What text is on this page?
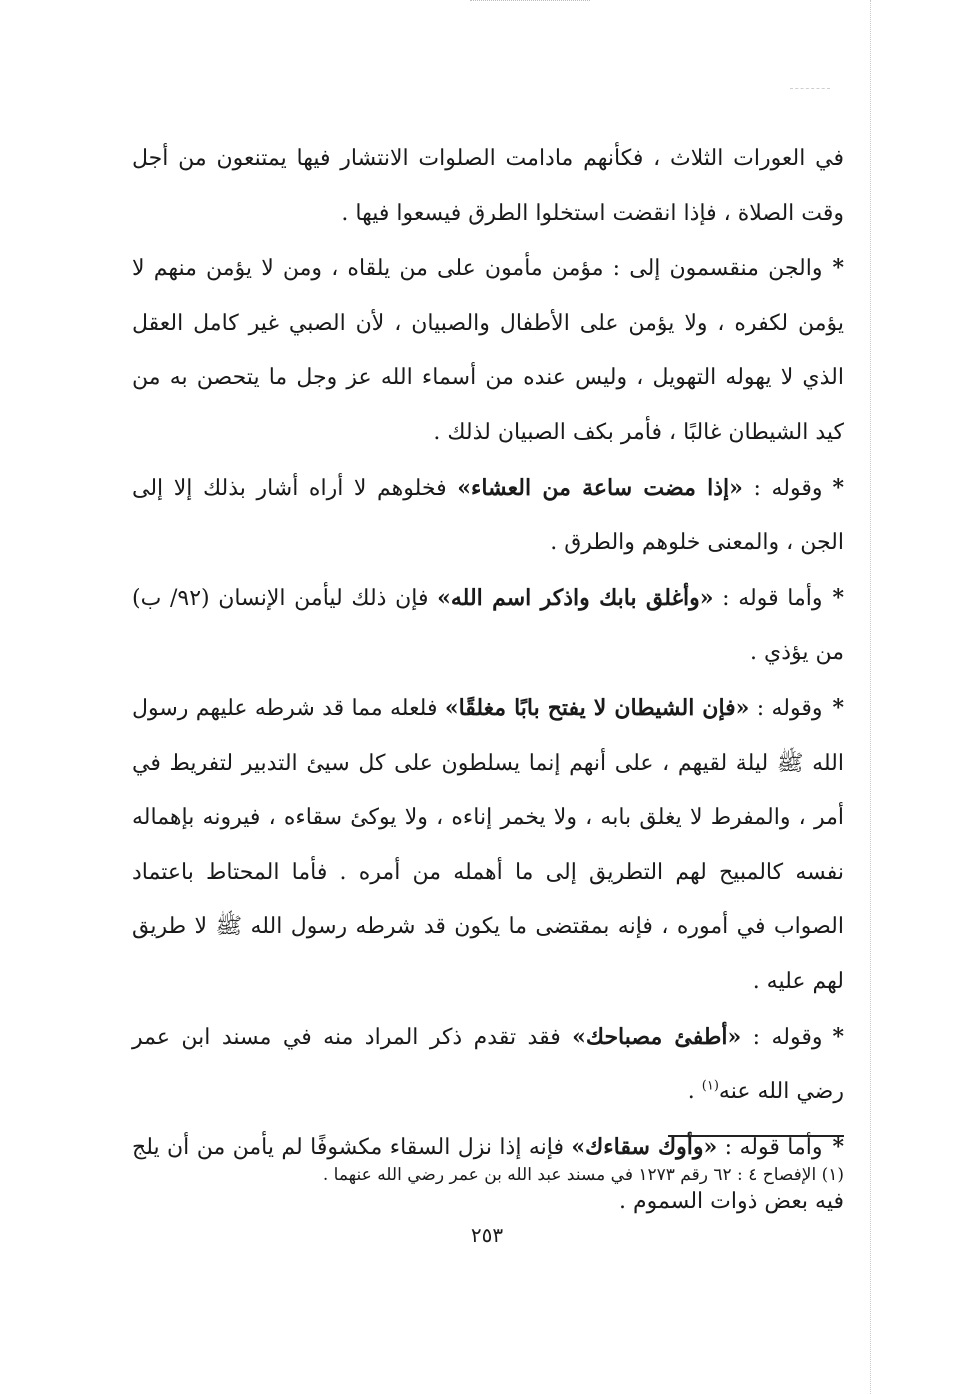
في العورات الثلاث ، فكأنهم مادامت الصلوات الانتشار فيها يمتنعون من أجل وقت الصلاة ، فإذا انقضت استخلوا الطرق فيسعوا فيها .

*والجن منقسمون إلى : مؤمن مأمون على من يلقاه ، ومن لا يؤمن منهم لا يؤمن لكفره ، ولا يؤمن على الأطفال والصبيان ، لأن الصبي غير كامل العقل الذي لا يهوله التهويل ، وليس عنده من أسماء الله عز وجل ما يتحصن به من كيد الشيطان غالبًا ، فأمر بكف الصبيان لذلك .

*وقوله : «إذا مضت ساعة من العشاء» فخلوهم لا أراه أشار بذلك إلا إلى الجن ، والمعنى خلوهم والطرق .

*وأما قوله : «وأغلق بابك واذكر اسم الله» فإن ذلك ليأمن الإنسان (٩٢/ ب) من يؤذي .

*وقوله : «فإن الشيطان لا يفتح بابًا مغلقًا» فلعله مما قد شرطه عليهم رسول الله ﷺ ليلة لقيهم ، على أنهم إنما يسلطون على كل سيئ التدبير لتفريط في أمر ، والمفرط لا يغلق بابه ، ولا يخمر إناءه ، ولا يوكئ سقاءه ، فيرونه بإهماله نفسه كالمبيح لهم التطريق إلى ما أهمله من أمره . فأما المحتاط باعتماد الصواب في أموره ، فإنه بمقتضى ما يكون قد شرطه رسول الله ﷺ لا طريق لهم عليه .

*وقوله : «أطفئ مصباحك» فقد تقدم ذكر المراد منه في مسند ابن عمر رضي الله عنه$^{(١)}$ .

*وأما قوله : «وأوك سقاءك» فإنه إذا نزل السقاء مكشوفًا لم يأمن من أن يلج فيه بعض ذوات السموم .

(١) الإفصاح ٤ : ٦٢ رقم ١٢٧٣ في مسند عبد الله بن عمر رضي الله عنهما .

٢٥٣
